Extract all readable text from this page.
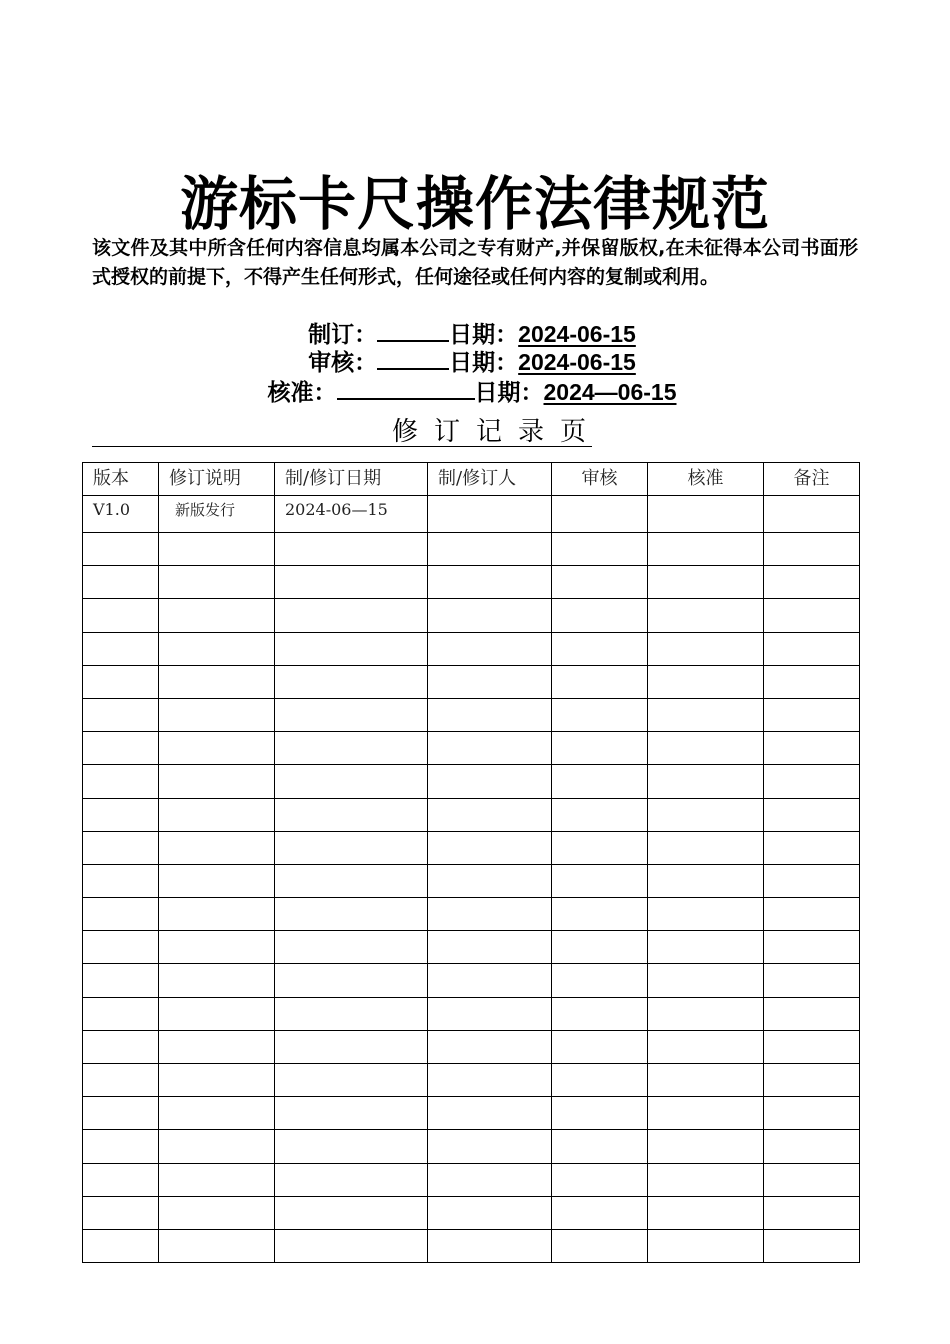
游标卡尺操作法律规范
该文件及其中所含任何内容信息均属本公司之专有财产,并保留版权,在未征得本公司书面形式授权的前提下，不得产生任何形式，任何途径或任何内容的复制或利用。
制订：	日期：2024-06-15
审核：	日期：2024-06-15
核准：	日期：2024—06-15
修订记录页
版本	修订说明	制/修订日期	制/修订人	审核	核准	备注
V1.0	新版发行	2024-06—15				
